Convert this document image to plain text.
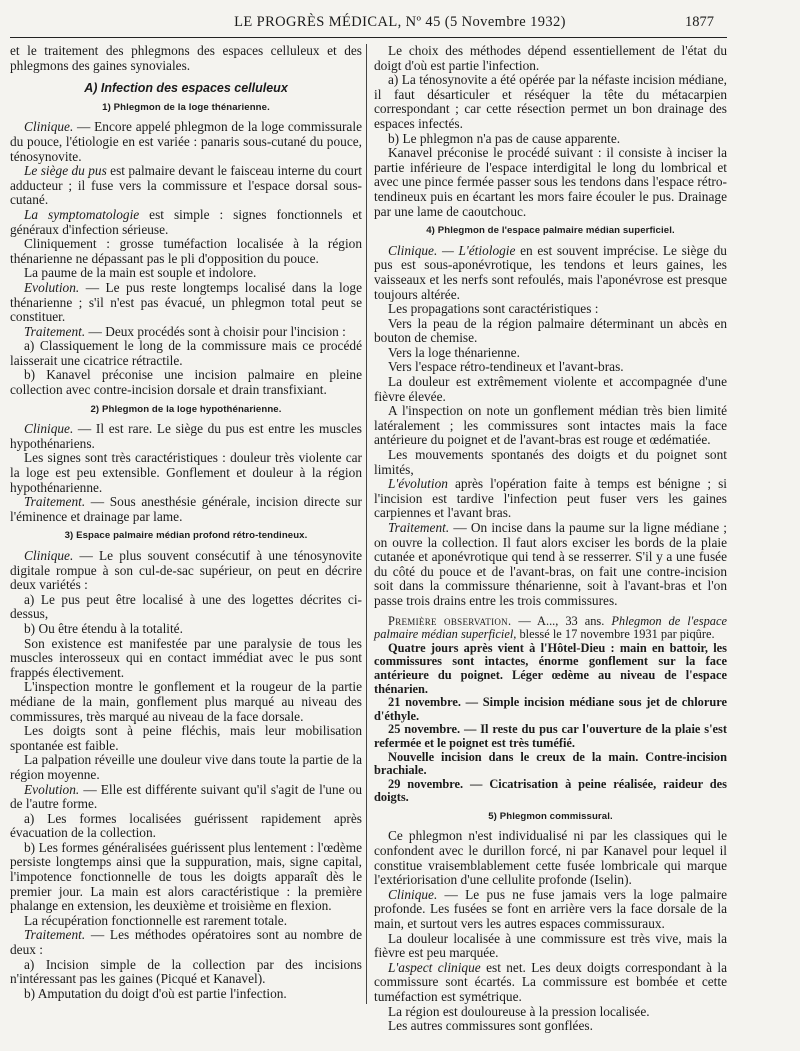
LE PROGRÈS MÉDICAL, Nº 45 (5 Novembre 1932)	1877

et le traitement des phlegmons des espaces celluleux et des phlegmons des gaines synoviales.

A) Infection des espaces celluleux

1) Phlegmon de la loge thénarienne.

Clinique. — Encore appelé phlegmon de la loge commissurale du pouce, l'étiologie en est variée : panaris sous-cutané du pouce, ténosynovite.

Le siège du pus est palmaire devant le faisceau interne du court adducteur ; il fuse vers la commissure et l'espace dorsal sous-cutané.

La symptomatologie est simple : signes fonctionnels et généraux d'infection sérieuse.

Cliniquement : grosse tuméfaction localisée à la région thénarienne ne dépassant pas le pli d'opposition du pouce.

La paume de la main est souple et indolore.

Evolution. — Le pus reste longtemps localisé dans la loge thénarienne ; s'il n'est pas évacué, un phlegmon total peut se constituer.

Traitement. — Deux procédés sont à choisir pour l'incision :

a) Classiquement le long de la commissure mais ce procédé laisserait une cicatrice rétractile.

b) Kanavel préconise une incision palmaire en pleine collection avec contre-incision dorsale et drain transfixiant.

2) Phlegmon de la loge hypothénarienne.

Clinique. — Il est rare. Le siège du pus est entre les muscles hypothénariens.

Les signes sont très caractéristiques : douleur très violente car la loge est peu extensible. Gonflement et douleur à la région hypothénarienne.

Traitement. — Sous anesthésie générale, incision directe sur l'éminence et drainage par lame.

3) Espace palmaire médian profond rétro-tendineux.

Clinique. — Le plus souvent consécutif à une ténosynovite digitale rompue à son cul-de-sac supérieur, on peut en décrire deux variétés :

a) Le pus peut être localisé à une des logettes décrites ci-dessus,

b) Ou être étendu à la totalité.

Son existence est manifestée par une paralysie de tous les muscles interosseux qui en contact immédiat avec le pus sont frappés électivement.

L'inspection montre le gonflement et la rougeur de la partie médiane de la main, gonflement plus marqué au niveau des commissures, très marqué au niveau de la face dorsale.

Les doigts sont à peine fléchis, mais leur mobilisation spontanée est faible.

La palpation réveille une douleur vive dans toute la partie de la région moyenne.

Evolution. — Elle est différente suivant qu'il s'agit de l'une ou de l'autre forme.

a) Les formes localisées guérissent rapidement après évacuation de la collection.

b) Les formes généralisées guérissent plus lentement : l'œdème persiste longtemps ainsi que la suppuration, mais, signe capital, l'impotence fonctionnelle de tous les doigts apparaît dès le premier jour. La main est alors caractéristique : la première phalange en extension, les deuxième et troisième en flexion.

La récupération fonctionnelle est rarement totale.

Traitement. — Les méthodes opératoires sont au nombre de deux :

a) Incision simple de la collection par des incisions n'intéressant pas les gaines (Picqué et Kanavel).

b) Amputation du doigt d'où est partie l'infection.

Le choix des méthodes dépend essentiellement de l'état du doigt d'où est partie l'infection.

a) La ténosynovite a été opérée par la néfaste incision médiane, il faut désarticuler et réséquer la tête du métacarpien correspondant ; car cette résection permet un bon drainage des espaces infectés.

b) Le phlegmon n'a pas de cause apparente.

Kanavel préconise le procédé suivant : il consiste à inciser la partie inférieure de l'espace interdigital le long du lombrical et avec une pince fermée passer sous les tendons dans l'espace rétro-tendineux puis en écartant les mors faire écouler le pus. Drainage par une lame de caoutchouc.

4) Phlegmon de l'espace palmaire médian superficiel.

Clinique. — L'étiologie en est souvent imprécise. Le siège du pus est sous-aponévrotique, les tendons et leurs gaines, les vaisseaux et les nerfs sont refoulés, mais l'aponévrose est presque toujours altérée.

Les propagations sont caractéristiques :

Vers la peau de la région palmaire déterminant un abcès en bouton de chemise.

Vers la loge thénarienne.

Vers l'espace rétro-tendineux et l'avant-bras.

La douleur est extrêmement violente et accompagnée d'une fièvre élevée.

A l'inspection on note un gonflement médian très bien limité latéralement ; les commissures sont intactes mais la face antérieure du poignet et de l'avant-bras est rouge et œdématiée.

Les mouvements spontanés des doigts et du poignet sont limités,

L'évolution après l'opération faite à temps est bénigne ; si l'incision est tardive l'infection peut fuser vers les gaines carpiennes et l'avant bras.

Traitement. — On incise dans la paume sur la ligne médiane ; on ouvre la collection. Il faut alors exciser les bords de la plaie cutanée et aponévrotique qui tend à se resserrer. S'il y a une fusée du côté du pouce et de l'avant-bras, on fait une contre-incision soit dans la commissure thénarienne, soit à l'avant-bras et l'on passe trois drains entre les trois commissures.

Première observation. — A..., 33 ans. Phlegmon de l'espace palmaire médian superficiel, blessé le 17 novembre 1931 par piqûre.

Quatre jours après vient à l'Hôtel-Dieu : main en battoir, les commissures sont intactes, énorme gonflement sur la face antérieure du poignet. Léger œdème au niveau de l'espace thénarien.

21 novembre. — Simple incision médiane sous jet de chlorure d'éthyle.

25 novembre. — Il reste du pus car l'ouverture de la plaie s'est refermée et le poignet est très tuméfié.

Nouvelle incision dans le creux de la main. Contre-incision brachiale.

29 novembre. — Cicatrisation à peine réalisée, raideur des doigts.

5) Phlegmon commissural.

Ce phlegmon n'est individualisé ni par les classiques qui le confondent avec le durillon forcé, ni par Kanavel pour lequel il constitue vraisemblablement cette fusée lombricale qui marque l'extériorisation d'une cellulite profonde (Iselin).

Clinique. — Le pus ne fuse jamais vers la loge palmaire profonde. Les fusées se font en arrière vers la face dorsale de la main, et surtout vers les autres espaces commissuraux.

La douleur localisée à une commissure est très vive, mais la fièvre est peu marquée.

L'aspect clinique est net. Les deux doigts correspondant à la commissure sont écartés. La commissure est bombée et cette tuméfaction est symétrique.

La région est douloureuse à la pression localisée.

Les autres commissures sont gonflées.
